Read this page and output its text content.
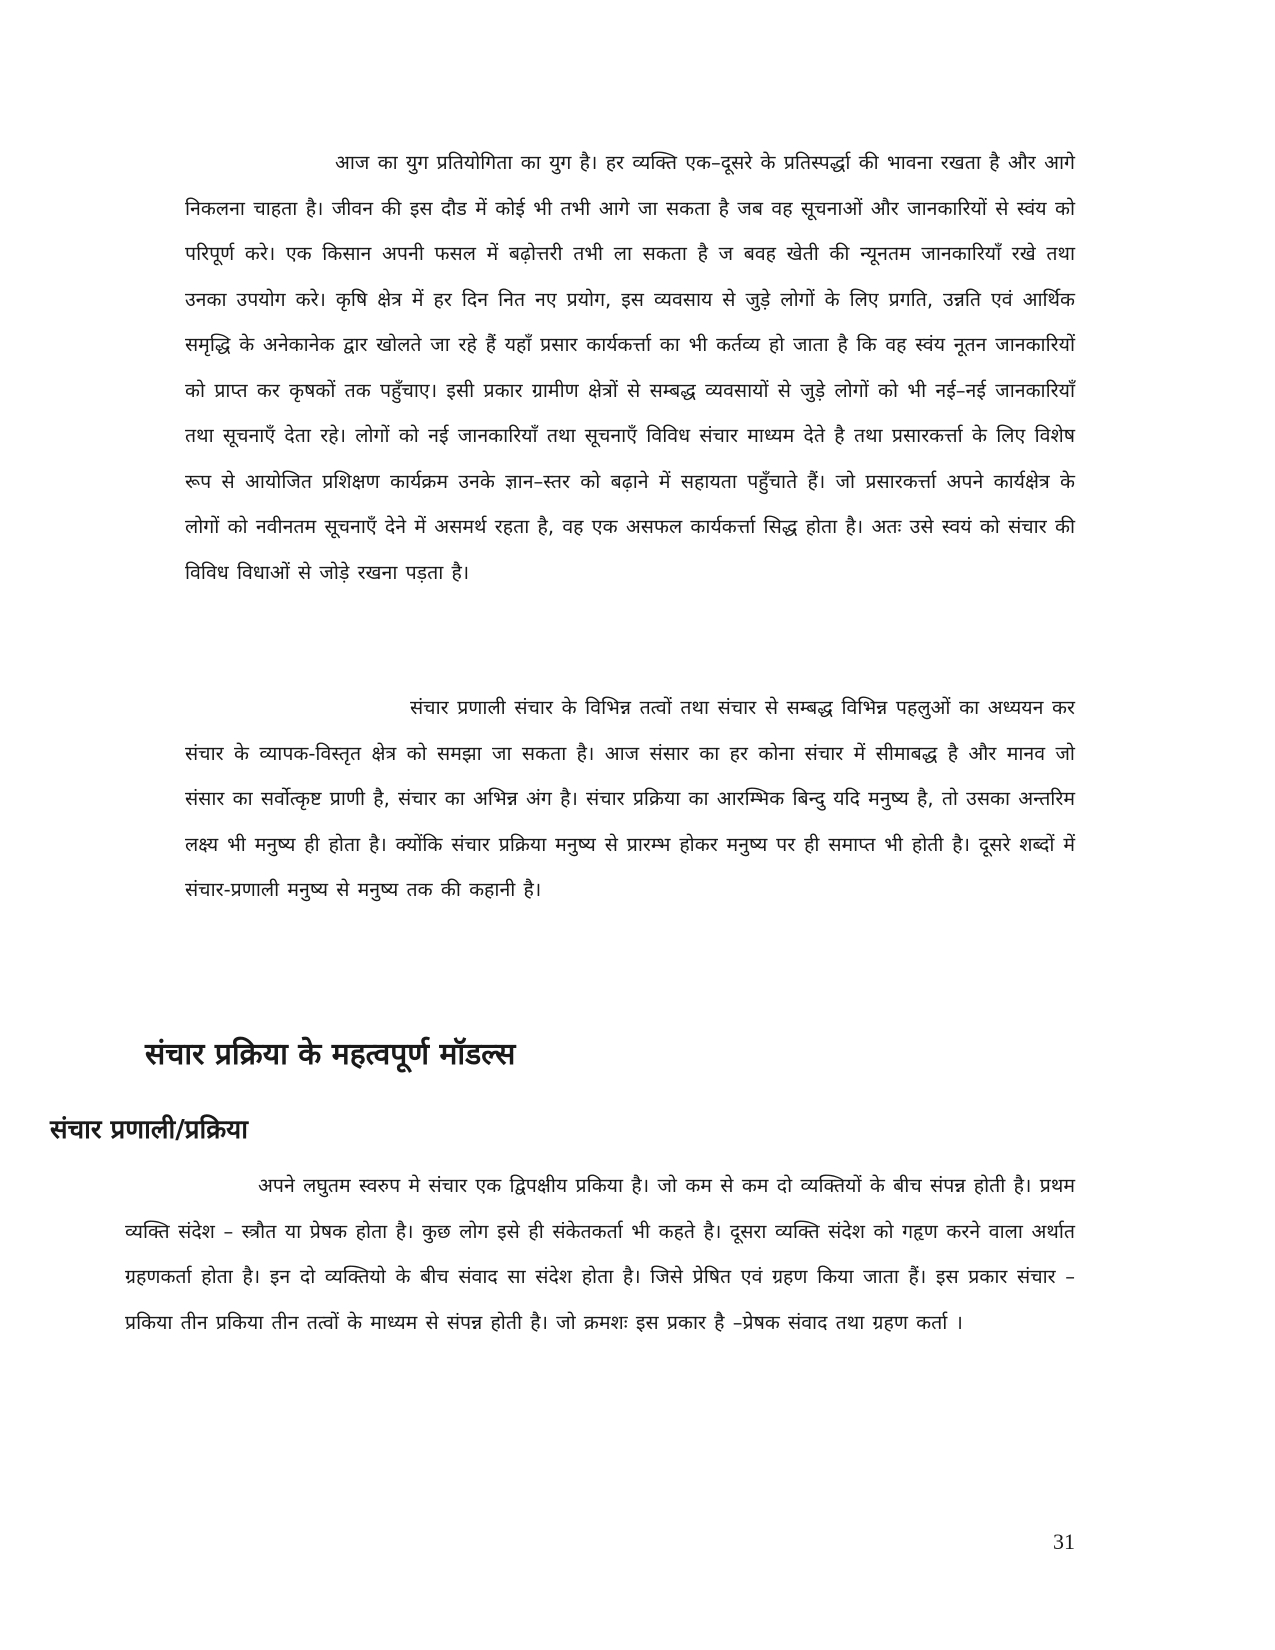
आज का युग प्रतियोगिता का युग है। हर व्यक्ति एक–दूसरे के प्रतिस्पर्द्धा की भावना रखता है और आगे निकलना चाहता है। जीवन की इस दौड में कोई भी तभी आगे जा सकता है जब वह सूचनाओं और जानकारियों से स्वंय को परिपूर्ण करे। एक किसान अपनी फसल में बढ़ोत्तरी तभी ला सकता है ज बवह खेती की न्यूनतम जानकारियॉं रखे तथा उनका उपयोग करे। कृषि क्षेत्र में हर दिन नित नए प्रयोग, इस व्यवसाय से जुड़े लोगों के लिए प्रगति, उन्नति एवं आर्थिक समृद्धि के अनेकानेक द्वार खोलते जा रहे हैं यहॉं प्रसार कार्यकर्त्ता का भी कर्तव्य हो जाता है कि वह स्वंय नूतन जानकारियों को प्राप्त कर कृषकों तक पहुँचाए। इसी प्रकार ग्रामीण क्षेत्रों से सम्बद्ध व्यवसायों से जुड़े लोगों को भी नई–नई जानकारियॉं तथा सूचनाऍं देता रहे। लोगों को नई जानकारियॉं तथा सूचनाऍं विविध संचार माध्यम देते है तथा प्रसारकर्त्ता के लिए विशेष रूप से आयोजित प्रशिक्षण कार्यक्रम उनके ज्ञान–स्तर को बढ़ाने में सहायता पहुँचाते हैं। जो प्रसारकर्त्ता अपने कार्यक्षेत्र के लोगों को नवीनतम सूचनाऍं देने में असमर्थ रहता है, वह एक असफल कार्यकर्त्ता सिद्ध होता है। अतः उसे स्वयं को संचार की विविध विधाओं से जोड़े रखना पड़ता है।

संचार प्रणाली संचार के विभिन्न तत्वों तथा संचार से सम्बद्ध विभिन्न पहलुओं का अध्ययन कर संचार के व्यापक-विस्तृत क्षेत्र को समझा जा सकता है। आज संसार का हर कोना संचार में सीमाबद्ध है और मानव जो संसार का सर्वोत्कृष्ट प्राणी है, संचार का अभिन्न अंग है। संचार प्रक्रिया का आरम्भिक बिन्दु यदि मनुष्य है, तो उसका अन्तरिम लक्ष्य भी मनुष्य ही होता है। क्योंकि संचार प्रक्रिया मनुष्य से प्रारम्भ होकर मनुष्य पर ही समाप्त भी होती है। दूसरे शब्दों में संचार-प्रणाली मनुष्य से मनुष्य तक की कहानी है।

संचार प्रक्रिया के महत्वपूर्ण मॉडल्स
संचार प्रणाली/प्रक्रिया

अपने लघुतम स्वरुप मे संचार एक द्विपक्षीय प्रकिया है। जो कम से कम दो व्यक्तियों के बीच संपन्न होती है। प्रथम व्यक्ति संदेश – स्त्रौत या प्रेषक होता है। कुछ लोग इसे ही संकेतकर्ता भी कहते है। दूसरा व्यक्ति संदेश को गहृण करने वाला अर्थात ग्रहणकर्ता होता है। इन दो व्यक्तियो के बीच संवाद सा संदेश होता है। जिसे प्रेषित एवं ग्रहण किया जाता हैं। इस प्रकार संचार – प्रकिया तीन प्रकिया तीन तत्वों के माध्यम से संपन्न होती है। जो क्रमशः इस प्रकार है –प्रेषक संवाद तथा ग्रहण कर्ता ।

31
